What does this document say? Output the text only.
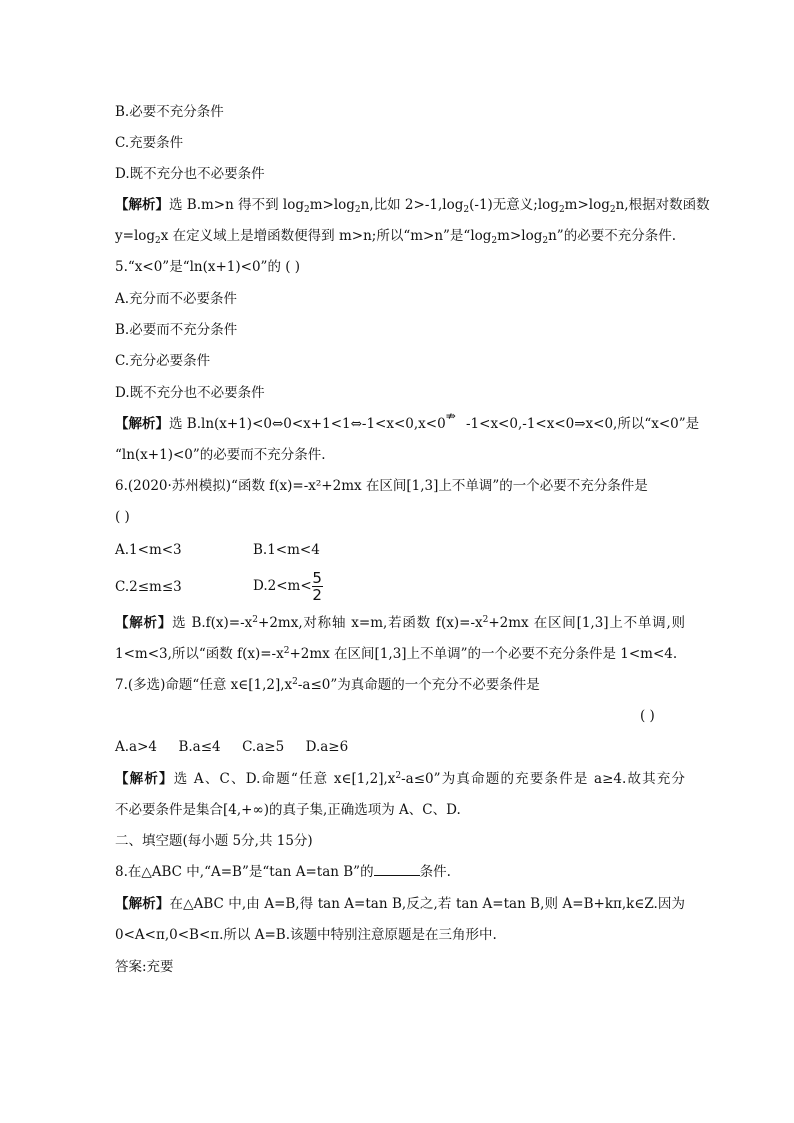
B.必要不充分条件
C.充要条件
D.既不充分也不必要条件
【解析】选 B.m>n 得不到 $\log_2m>\log_2n$,比如 $2>-1,\log_2(-1)$无意义$;\log_2m>\log_2n$,根据对数函数
$y=\log_2x$ 在定义域上是增函数便得到 m>n;所以“m>n”是“$\log_2m>\log_2n$”的必要不充分条件.
5.“x<0”是“ln(x+1)<0”的 ( )
A.充分而不必要条件
B.必要而不充分条件
C.充分必要条件
D.既不充分也不必要条件
【解析】选 B.ln(x+1)<0⇔0<x+1<1⇔-1<x<0,x<0 ⇏ -1<x<0,-1<x<0⇒x<0,所以“x<0”是
“ln(x+1)<0”的必要而不充分条件.
6.(2020·苏州模拟)“函数 f(x)=-x²+2mx 在区间[1,3]上不单调”的一个必要不充分条件是
( )
A.1<m<3	B.1<m<4
C.2≤m≤3	$D.2<m< \frac{5}{2}$
【解析】选 $B.f(x)=-x^2+2mx$,对称轴 x=m,若函数 $f(x)=-x^2+2mx$ 在区间[1,3]上不单调,则
1<m<3,所以“函数 $f(x)=-x^2+2mx$ 在区间[1,3]上不单调”的一个必要不充分条件是 1<m<4.
7.(多选)命题“任意 $x\in[1,2],x^2-a\le 0$”为真命题的一个充分不必要条件是
( )
A.a>4     B.a≤4     C.a≥5     D.a≥6
【解析】选 A、C、D.命题“任意 $x\in[1,2],x^2-a\le 0$”为真命题的充要条件是 a≥4.故其充分
不必要条件是集合[4,+∞)的真子集,正确选项为 A、C、D.
二、填空题(每小题 5分,共 15分)
8.在△ABC 中,“A=B”是“tan A=tan B”的	条件.
【解析】在△ABC 中,由 A=B,得 tan A=tan B,反之,若 tan A=tan B,则 A=B+kπ,k∈Z.因为
0<A<π,0<B<π.所以 A=B.该题中特别注意原题是在三角形中.
答案:充要
